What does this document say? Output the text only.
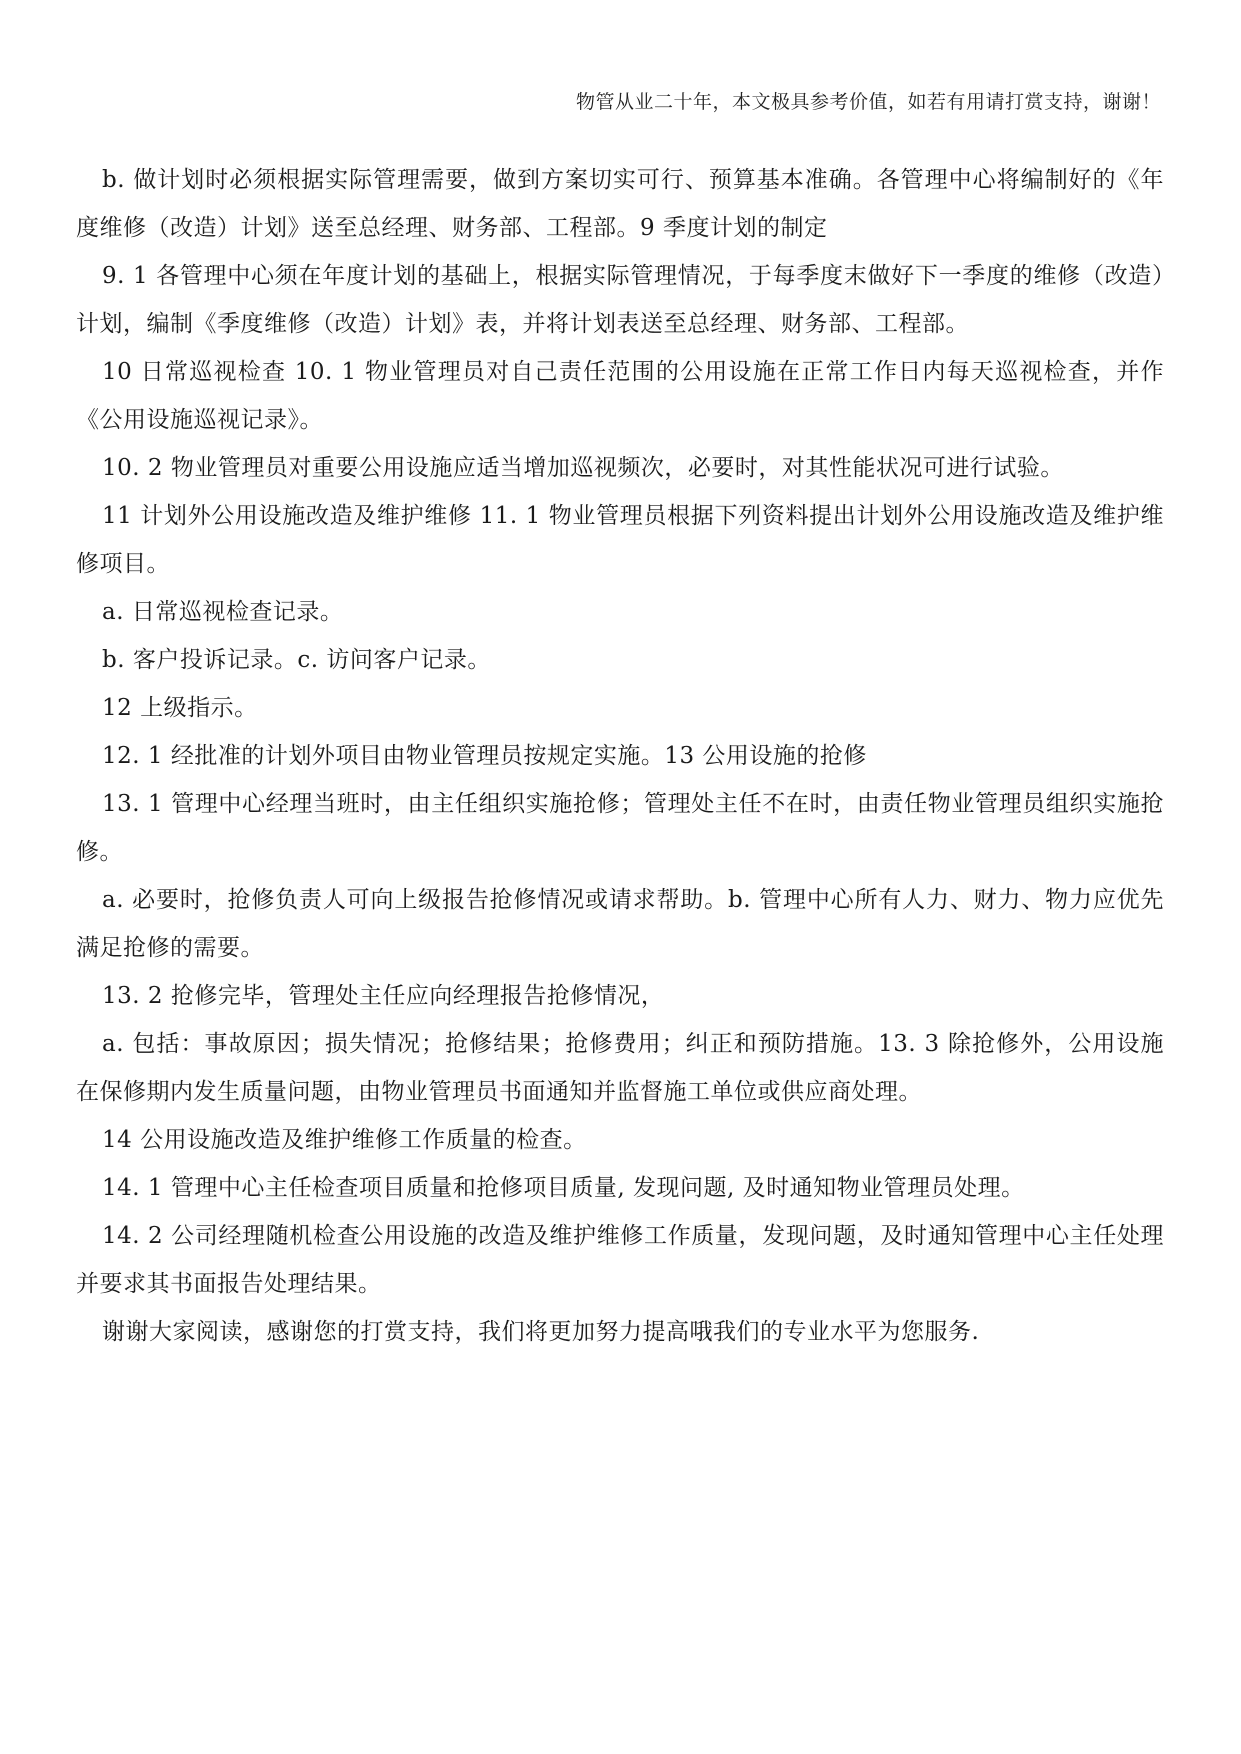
物管从业二十年，本文极具参考价值，如若有用请打赏支持，谢谢！

b. 做计划时必须根据实际管理需要，做到方案切实可行、预算基本准确。各管理中心将编制好的《年度维修（改造）计划》送至总经理、财务部、工程部。9 季度计划的制定

9. 1 各管理中心须在年度计划的基础上，根据实际管理情况，于每季度末做好下一季度的维修（改造）计划，编制《季度维修（改造）计划》表，并将计划表送至总经理、财务部、工程部。

10 日常巡视检查 10. 1 物业管理员对自己责任范围的公用设施在正常工作日内每天巡视检查，并作《公用设施巡视记录》。

10. 2 物业管理员对重要公用设施应适当增加巡视频次，必要时，对其性能状况可进行试验。

11 计划外公用设施改造及维护维修 11. 1 物业管理员根据下列资料提出计划外公用设施改造及维护维修项目。

a. 日常巡视检查记录。

b. 客户投诉记录。c. 访问客户记录。

12 上级指示。

12. 1 经批准的计划外项目由物业管理员按规定实施。13 公用设施的抢修

13. 1 管理中心经理当班时，由主任组织实施抢修；管理处主任不在时，由责任物业管理员组织实施抢修。

a. 必要时，抢修负责人可向上级报告抢修情况或请求帮助。b. 管理中心所有人力、财力、物力应优先满足抢修的需要。

13. 2 抢修完毕，管理处主任应向经理报告抢修情况，

a. 包括：事故原因；损失情况；抢修结果；抢修费用；纠正和预防措施。13. 3 除抢修外，公用设施在保修期内发生质量问题，由物业管理员书面通知并监督施工单位或供应商处理。

14 公用设施改造及维护维修工作质量的检查。

14. 1 管理中心主任检查项目质量和抢修项目质量, 发现问题, 及时通知物业管理员处理。

14. 2 公司经理随机检查公用设施的改造及维护维修工作质量，发现问题，及时通知管理中心主任处理并要求其书面报告处理结果。

谢谢大家阅读，感谢您的打赏支持，我们将更加努力提高哦我们的专业水平为您服务.
